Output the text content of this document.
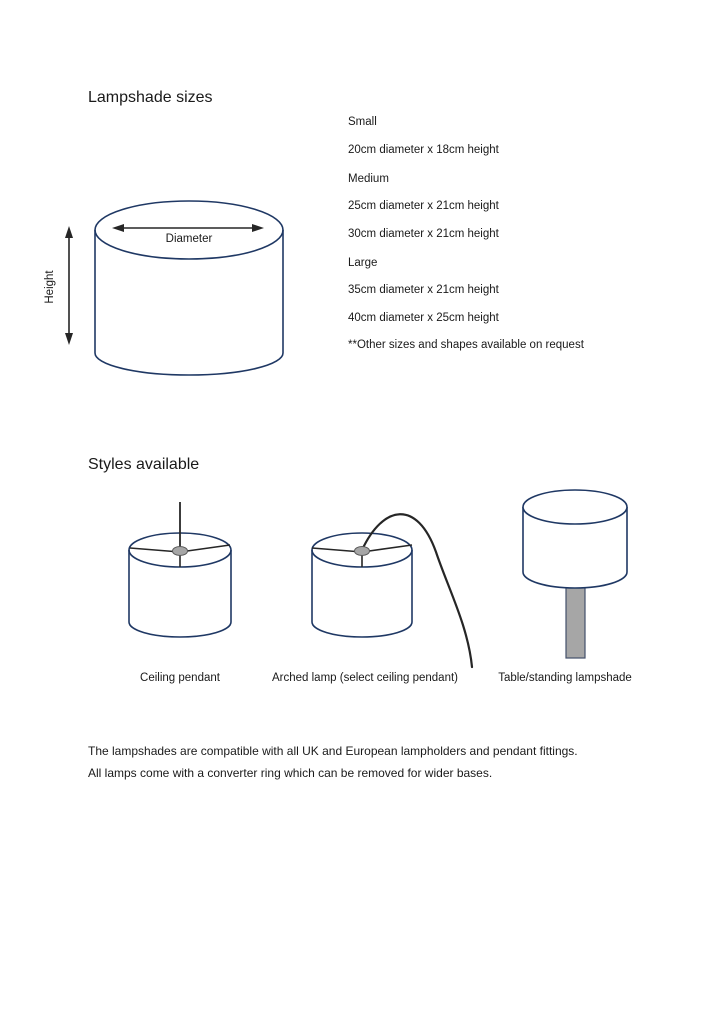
Lampshade sizes
Diameter
Height

Small

20cm diameter x 18cm height

Medium

25cm diameter x 21cm height

30cm diameter x 21cm height

Large

35cm diameter x 21cm height

40cm diameter x 25cm height

**Other sizes and shapes available on request

Styles available
Ceiling pendant	Arched lamp (select ceiling pendant)	Table/standing lampshade
The lampshades are compatible with all UK and European lampholders and pendant fittings.
All lamps come with a converter ring which can be removed for wider bases.
